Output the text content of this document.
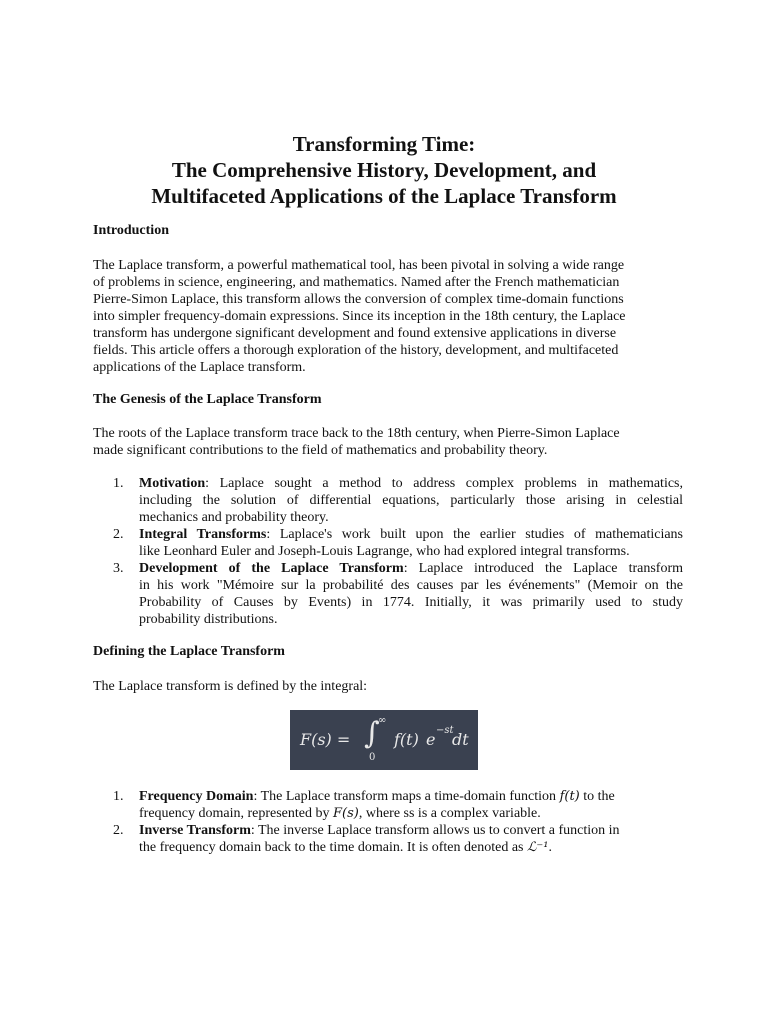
Transforming Time:
The Comprehensive History, Development, and
Multifaceted Applications of the Laplace Transform
Introduction
The Laplace transform, a powerful mathematical tool, has been pivotal in solving a wide range
of problems in science, engineering, and mathematics. Named after the French mathematician
Pierre-Simon Laplace, this transform allows the conversion of complex time-domain functions
into simpler frequency-domain expressions. Since its inception in the 18th century, the Laplace
transform has undergone significant development and found extensive applications in diverse
fields. This article offers a thorough exploration of the history, development, and multifaceted
applications of the Laplace transform.
The Genesis of the Laplace Transform
The roots of the Laplace transform trace back to the 18th century, when Pierre-Simon Laplace
made significant contributions to the field of mathematics and probability theory.
1. Motivation: Laplace sought a method to address complex problems in mathematics,
including the solution of differential equations, particularly those arising in celestial
mechanics and probability theory.
2. Integral Transforms: Laplace's work built upon the earlier studies of mathematicians
like Leonhard Euler and Joseph-Louis Lagrange, who had explored integral transforms.
3. Development of the Laplace Transform: Laplace introduced the Laplace transform
in his work "Mémoire sur la probabilité des causes par les événements" (Memoir on the
Probability of Causes by Events) in 1774. Initially, it was primarily used to study
probability distributions.
Defining the Laplace Transform
The Laplace transform is defined by the integral:
F(s) = ∫
∞
0
f(t) e −st
dt
1. Frequency Domain: The Laplace transform maps a time-domain function f(t) to the
frequency domain, represented by F(s), where ss is a complex variable.
2. Inverse Transform: The inverse Laplace transform allows us to convert a function in
the frequency domain back to the time domain. It is often denoted as ℒ⁻¹.
